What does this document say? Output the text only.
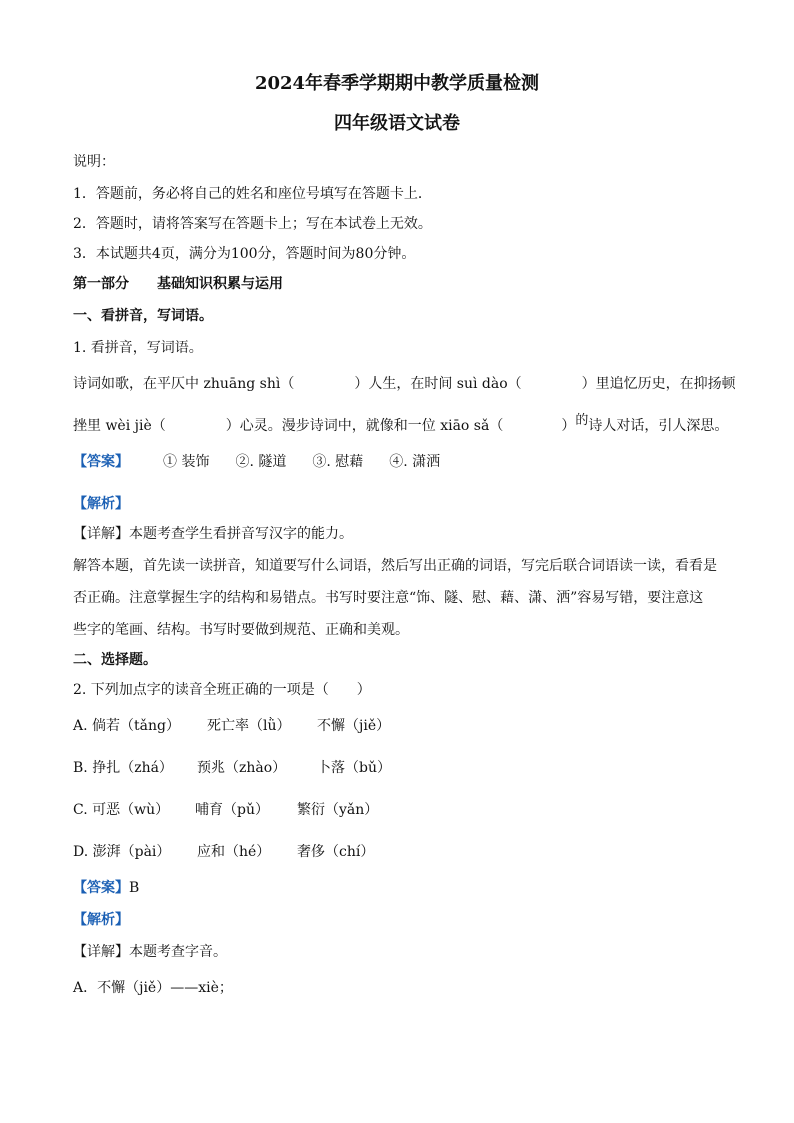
2024年春季学期期中教学质量检测
四年级语文试卷
说明：
1．答题前，务必将自己的姓名和座位号填写在答题卡上．
2．答题时，请将答案写在答题卡上；写在本试卷上无效。
3．本试题共4页，满分为100分，答题时间为80分钟。
第一部分 基础知识积累与运用
一、看拼音，写词语。
1. 看拼音，写词语。
诗词如歌，在平仄中 zhuāng shì（	）人生，在时间 suì dào（	）里追忆历史，在抑扬顿
挫里 wèi jiè（	）心灵。漫步诗词中，就像和一位 xiāo sǎ（	）的诗人对话，引人深思。
【答案】 ① 装饰 ②. 隧道 ③. 慰藉 ④. 潇洒
【解析】
【详解】本题考查学生看拼音写汉字的能力。
解答本题，首先读一读拼音，知道要写什么词语，然后写出正确的词语，写完后联合词语读一读，看看是
否正确。注意掌握生字的结构和易错点。书写时要注意“饰、隧、慰、藉、潇、洒”容易写错，要注意这
些字的笔画、结构。书写时要做到规范、正确和美观。
二、选择题。
2. 下列加点字的读音全班正确的一项是（　　）
A. 倘若（tǎng） 死亡率（lǜ） 不懈（jiě）
B. 挣扎（zhá） 预兆（zhào） 卜落（bǔ）
C. 可恶（wù） 哺育（pǔ） 繁衍（yǎn）
D. 澎湃（pài） 应和（hé） 奢侈（chí）
【答案】B
【解析】
【详解】本题考查字音。
A．不懈（jiě）——xiè；
